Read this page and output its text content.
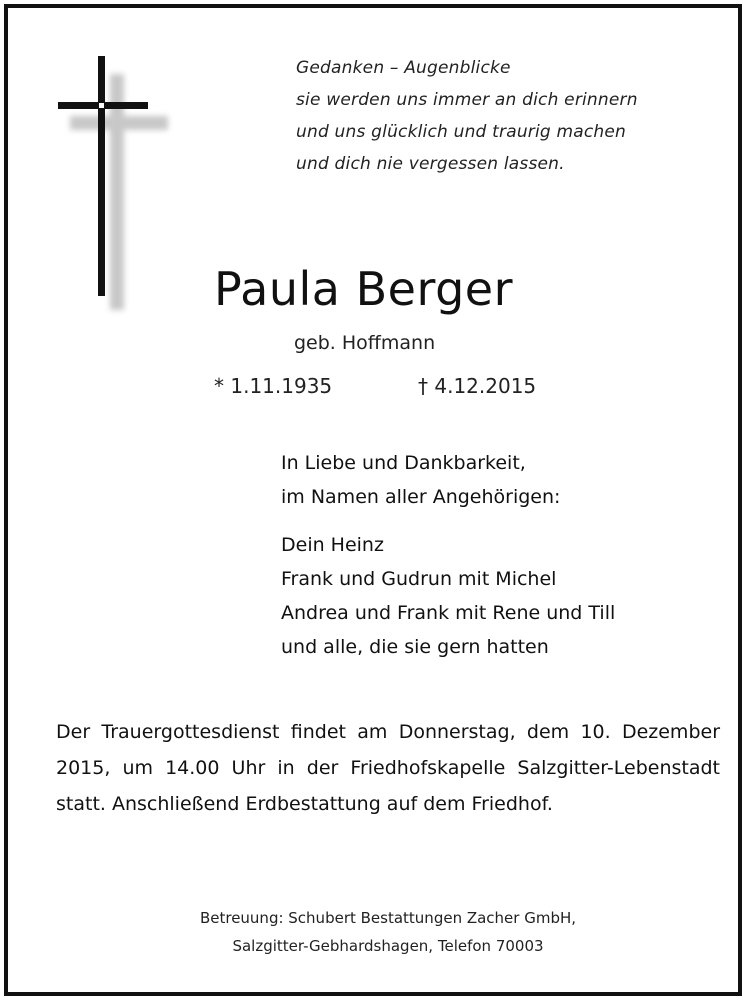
Gedanken – Augenblicke
sie werden uns immer an dich erinnern
und uns glücklich und traurig machen
und dich nie vergessen lassen.
Paula Berger
geb. Hoffmann
* 1.11.1935	† 4.12.2015
In Liebe und Dankbarkeit,
im Namen aller Angehörigen:
Dein Heinz
Frank und Gudrun mit Michel
Andrea und Frank mit Rene und Till
und alle, die sie gern hatten
Der Trauergottesdienst findet am Donnerstag, dem 10. Dezember 2015, um 14.00 Uhr in der Friedhofskapelle Salzgitter-Lebenstadt statt. Anschließend Erdbestattung auf dem Friedhof.
Betreuung: Schubert Bestattungen Zacher GmbH,
Salzgitter-Gebhardshagen, Telefon 70003
